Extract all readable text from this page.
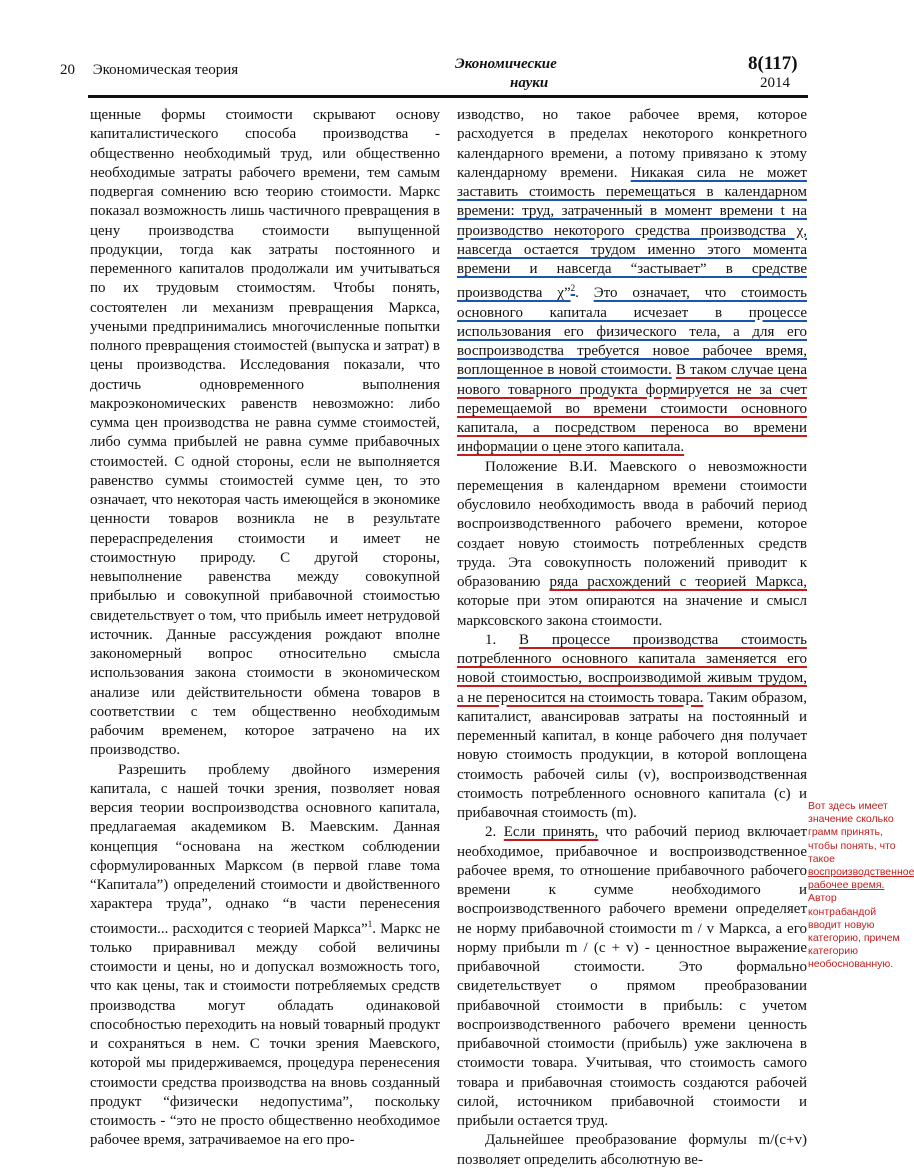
20 Экономическая теория	Экономические
науки
8(117)
2014

щенные формы стоимости скрывают основу капиталистического способа производства - общественно необходимый труд, или общественно необходимые затраты рабочего времени, тем самым подвергая сомнению всю теорию стоимости. Маркс показал возможность лишь частичного превращения в цену производства стоимости выпущенной продукции, тогда как затраты постоянного и переменного капиталов продолжали им учитываться по их трудовым стоимостям. Чтобы понять, состоятелен ли механизм превращения Маркса, учеными предпринимались многочисленные попытки полного превращения стоимостей (выпуска и затрат) в цены производства. Исследования показали, что достичь одновременного выполнения макроэкономических равенств невозможно: либо сумма цен производства не равна сумме стоимостей, либо сумма прибылей не равна сумме прибавочных стоимостей. С одной стороны, если не выполняется равенство суммы стоимостей сумме цен, то это означает, что некоторая часть имеющейся в экономике ценности товаров возникла не в результате перераспределения стоимости и имеет не стоимостную природу. С другой стороны, невыполнение равенства между совокупной прибылью и совокупной прибавочной стоимостью свидетельствует о том, что прибыль имеет нетрудовой источник. Данные рассуждения рождают вполне закономерный вопрос относительно смысла использования закона стоимости в экономическом анализе или действительности обмена товаров в соответствии с тем общественно необходимым рабочим временем, которое затрачено на их производство.

Разрешить проблему двойного измерения капитала, с нашей точки зрения, позволяет новая версия теории воспроизводства основного капитала, предлагаемая академиком В. Маевским. Данная концепция “основана на жестком соблюдении сформулированных Марксом (в первой главе тома “Капитала”) определений стоимости и двойственного характера труда”, однако “в части перенесения стоимости... расходится с теорией Маркса”$^1$. Маркс не только приравнивал между собой величины стоимости и цены, но и допускал возможность того, что как цены, так и стоимости потребляемых средств производства могут обладать одинаковой способностью переходить на новый товарный продукт и сохраняться в нем. С точки зрения Маевского, которой мы придерживаемся, процедура перенесения стоимости средства производства на вновь созданный продукт “физически недопустима”, поскольку стоимость - “это не просто общественно необходимое рабочее время, затрачиваемое на его про-

изводство, но такое рабочее время, которое расходуется в пределах некоторого конкретного календарного времени, а потому привязано к этому календарному времени. Никакая сила не может заставить стоимость перемещаться в календарном времени: труд, затраченный в момент времени t на производство некоторого средства производства χ, навсегда остается трудом именно этого момента времени и навсегда “застывает” в средстве производства χ”$^2$. Это означает, что стоимость основного капитала исчезает в процессе использования его физического тела, а для его воспроизводства требуется новое рабочее время, воплощенное в новой стоимости. В таком случае цена нового товарного продукта формируется не за счет перемещаемой во времени стоимости основного капитала, а посредством переноса во времени информации о цене этого капитала.

Положение В.И. Маевского о невозможности перемещения в календарном времени стоимости обусловило необходимость ввода в рабочий период воспроизводственного рабочего времени, которое создает новую стоимость потребленных средств труда. Эта совокупность положений приводит к образованию ряда расхождений с теорией Маркса, которые при этом опираются на значение и смысл марксовского закона стоимости.

1. В процессе производства стоимость потребленного основного капитала заменяется его новой стоимостью, воспроизводимой живым трудом, а не переносится на стоимость товара. Таким образом, капиталист, авансировав затраты на постоянный и переменный капитал, в конце рабочего дня получает новую стоимость продукции, в которой воплощена стоимость рабочей силы (v), воспроизводственная стоимость потребленного основного капитала (c) и прибавочная стоимость (m).

2. Если принять, что рабочий период включает необходимое, прибавочное и воспроизводственное рабочее время, то отношение прибавочного рабочего времени к сумме необходимого и воспроизводственного рабочего времени определяет не норму прибавочной стоимости m / v Маркса, а его норму прибыли m / (c + v) - ценностное выражение прибавочной стоимости. Это формально свидетельствует о прямом преобразовании прибавочной стоимости в прибыль: с учетом воспроизводственного рабочего времени ценность прибавочной стоимости (прибыль) уже заключена в стоимости товара. Учитывая, что стоимость самого товара и прибавочная стоимость создаются рабочей силой, источником прибавочной стоимости и прибыли остается труд.

Дальнейшее преобразование формулы m/(c+v) позволяет определить абсолютную ве-

Вот здесь имеет значение сколько грамм принять, чтобы понять, что такое воспроизводственное рабочее время. Автор контрабандой вводит новую категорию, причем категорию необоснованную.
